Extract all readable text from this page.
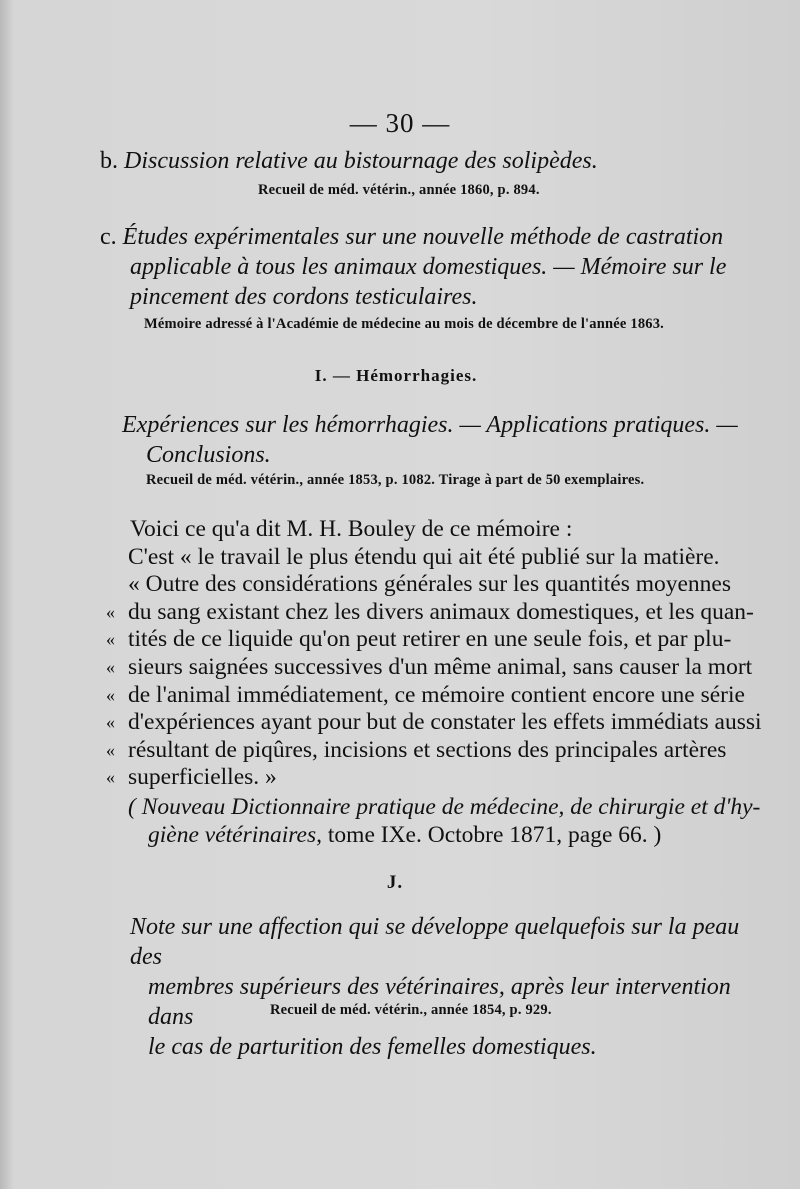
— 30 —
b. Discussion relative au bistournage des solipèdes.
Recueil de méd. vétérin., année 1860, p. 894.
c. Études expérimentales sur une nouvelle méthode de castration
applicable à tous les animaux domestiques. — Mémoire sur le
pincement des cordons testiculaires.
Mémoire adressé à l'Académie de médecine au mois de décembre de l'année 1863.
I. — Hémorrhagies.
Expériences sur les hémorrhagies. — Applications pratiques. —
Conclusions.
Recueil de méd. vétérin., année 1853, p. 1082. Tirage à part de 50 exemplaires.
Voici ce qu'a dit M. H. Bouley de ce mémoire :
C'est « le travail le plus étendu qui ait été publié sur la matière.
« Outre des considérations générales sur les quantités moyennes
« du sang existant chez les divers animaux domestiques, et les quan-
« tités de ce liquide qu'on peut retirer en une seule fois, et par plu-
« sieurs saignées successives d'un même animal, sans causer la mort
« de l'animal immédiatement, ce mémoire contient encore une série
« d'expériences ayant pour but de constater les effets immédiats aussi
« résultant de piqûres, incisions et sections des principales artères
« superficielles. »
( Nouveau Dictionnaire pratique de médecine, de chirurgie et d'hy-
giène vétérinaires, tome IXe. Octobre 1871, page 66. )
J.
Note sur une affection qui se développe quelquefois sur la peau des
membres supérieurs des vétérinaires, après leur intervention dans
le cas de parturition des femelles domestiques.
Recueil de méd. vétérin., année 1854, p. 929.
